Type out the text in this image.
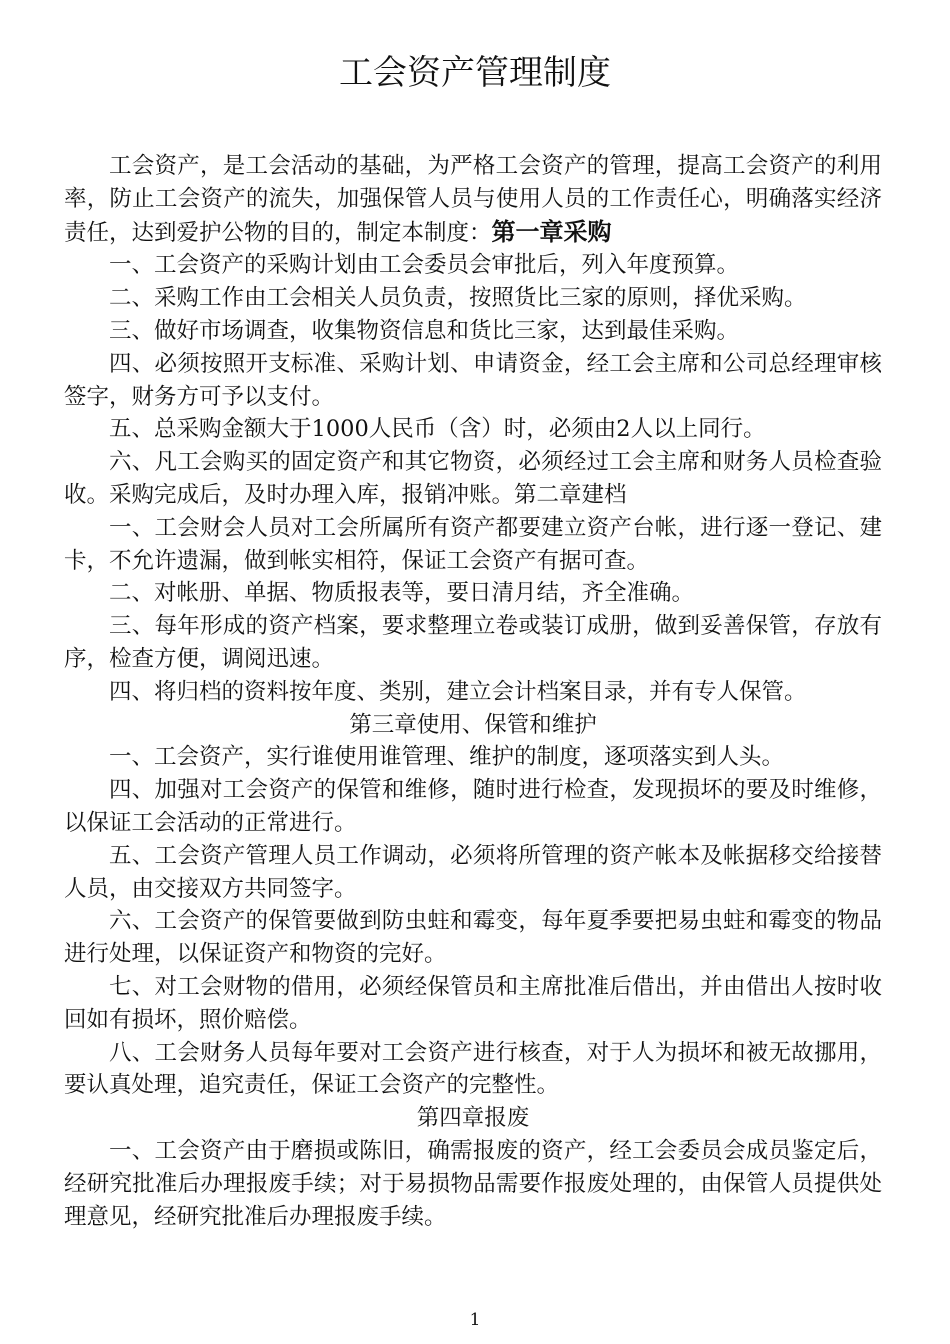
工会资产管理制度

工会资产，是工会活动的基础，为严格工会资产的管理，提高工会资产的利用率，防止工会资产的流失，加强保管人员与使用人员的工作责任心，明确落实经济责任，达到爱护公物的目的，制定本制度：第一章采购

一、工会资产的采购计划由工会委员会审批后，列入年度预算。

二、采购工作由工会相关人员负责，按照货比三家的原则，择优采购。

三、做好市场调查，收集物资信息和货比三家，达到最佳采购。

四、必须按照开支标准、采购计划、申请资金，经工会主席和公司总经理审核签字，财务方可予以支付。

五、总采购金额大于1000人民币（含）时，必须由2人以上同行。

六、凡工会购买的固定资产和其它物资，必须经过工会主席和财务人员检查验收。采购完成后，及时办理入库，报销冲账。第二章建档

一、工会财会人员对工会所属所有资产都要建立资产台帐，进行逐一登记、建卡，不允许遗漏，做到帐实相符，保证工会资产有据可查。

二、对帐册、单据、物质报表等，要日清月结，齐全准确。

三、每年形成的资产档案，要求整理立卷或装订成册，做到妥善保管，存放有序，检查方便，调阅迅速。

四、将归档的资料按年度、类别，建立会计档案目录，并有专人保管。

第三章使用、保管和维护

一、工会资产，实行谁使用谁管理、维护的制度，逐项落实到人头。

四、加强对工会资产的保管和维修，随时进行检查，发现损坏的要及时维修，以保证工会活动的正常进行。

五、工会资产管理人员工作调动，必须将所管理的资产帐本及帐据移交给接替人员，由交接双方共同签字。

六、工会资产的保管要做到防虫蛀和霉变，每年夏季要把易虫蛀和霉变的物品进行处理，以保证资产和物资的完好。

七、对工会财物的借用，必须经保管员和主席批准后借出，并由借出人按时收回如有损坏，照价赔偿。

八、工会财务人员每年要对工会资产进行核查，对于人为损坏和被无故挪用，要认真处理，追究责任，保证工会资产的完整性。

第四章报废

一、工会资产由于磨损或陈旧，确需报废的资产，经工会委员会成员鉴定后，经研究批准后办理报废手续；对于易损物品需要作报废处理的，由保管人员提供处理意见，经研究批准后办理报废手续。

1
